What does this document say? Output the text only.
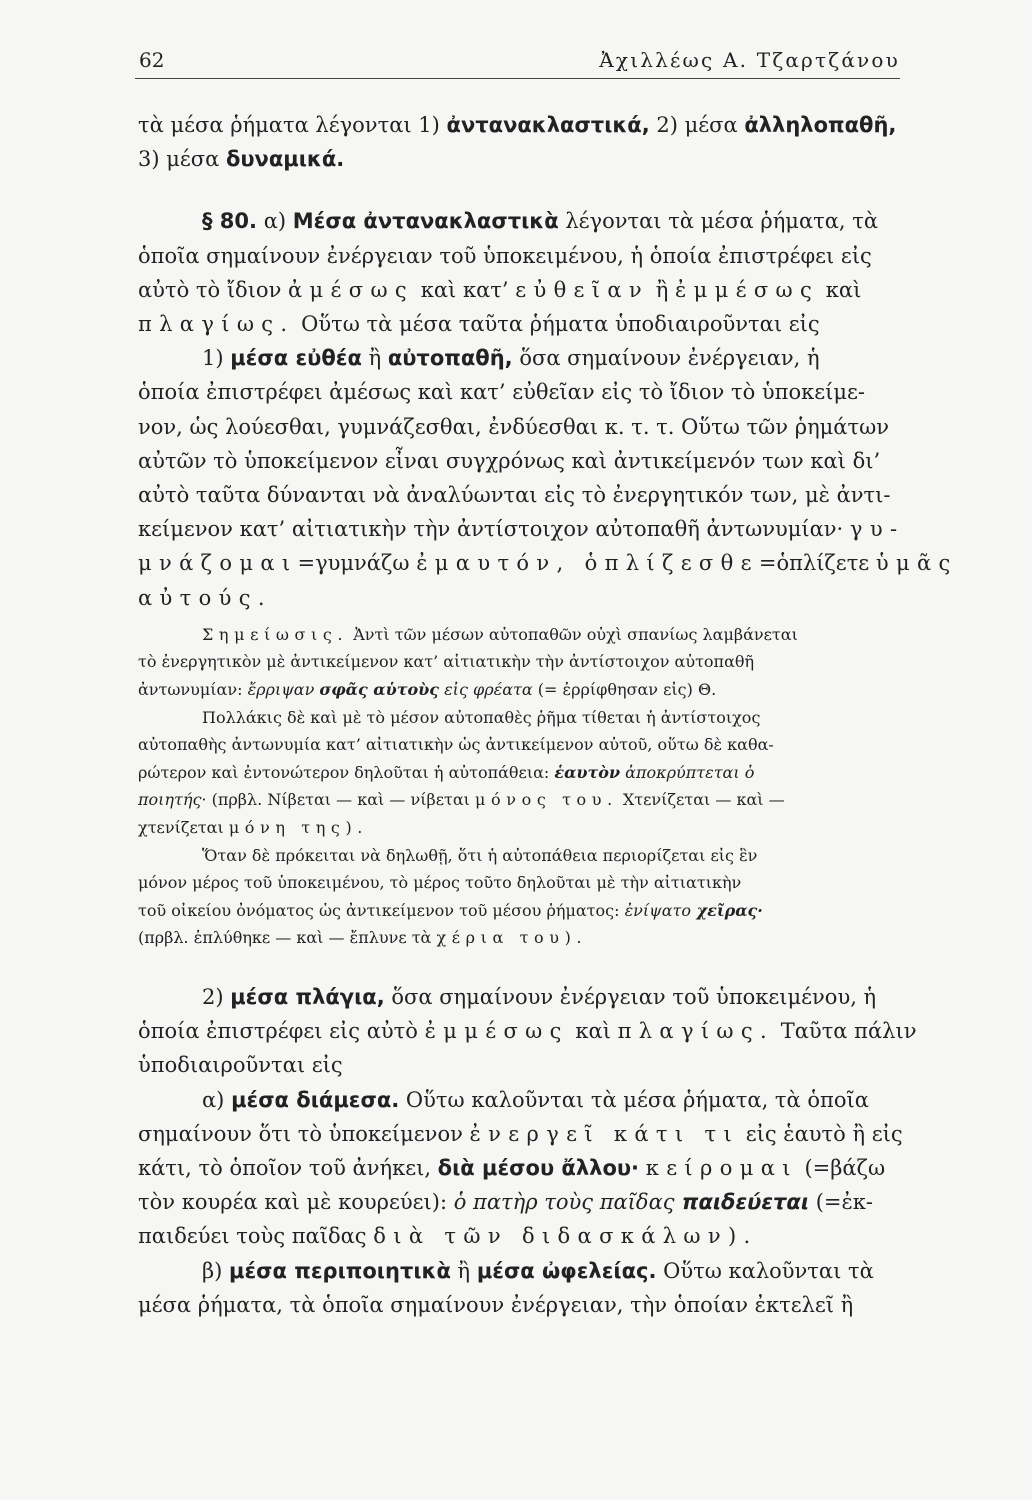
62	Ἀχιλλέως Α. Τζαρτζάνου

τὰ μέσα ῥήματα λέγονται 1) ἀντανακλαστικά, 2) μέσα ἀλληλοπαθῆ,

3) μέσα δυναμικά.

§ 80. α) Μέσα ἀντανακλαστικὰ λέγονται τὰ μέσα ῥήματα, τὰ

ὁποῖα σημαίνουν ἐνέργειαν τοῦ ὑποκειμένου, ἡ ὁποία ἐπιστρέφει εἰς

αὐτὸ τὸ ἴδιον ἀμέσως καὶ κατ’ εὐθεῖαν ἢ ἐμμέσως καὶ

πλαγίως. Οὕτω τὰ μέσα ταῦτα ῥήματα ὑποδιαιροῦνται εἰς

1) μέσα εὐθέα ἢ αὐτοπαθῆ, ὅσα σημαίνουν ἐνέργειαν, ἡ

ὁποία ἐπιστρέφει ἀμέσως καὶ κατ’ εὐθεῖαν εἰς τὸ ἴδιον τὸ ὑποκείμε-

νον, ὡς λούεσθαι, γυμνάζεσθαι, ἐνδύεσθαι κ. τ. τ. Οὕτω τῶν ῥημάτων

αὐτῶν τὸ ὑποκείμενον εἶναι συγχρόνως καὶ ἀντικείμενόν των καὶ δι’

αὐτὸ ταῦτα δύνανται νὰ ἀναλύωνται εἰς τὸ ἐνεργητικόν των, μὲ ἀντι-

κείμενον κατ’ αἰτιατικὴν τὴν ἀντίστοιχον αὐτοπαθῆ ἀντωνυμίαν· γυ-

μνάζομαι=γυμνάζω ἐμαυτόν, ὁπλίζεσθε=ὁπλίζετε ὑμᾶς

αὐτούς.

Σημείωσις. Ἀντὶ τῶν μέσων αὐτοπαθῶν οὐχὶ σπανίως λαμβάνεται

τὸ ἐνεργητικὸν μὲ ἀντικείμενον κατ’ αἰτιατικὴν τὴν ἀντίστοιχον αὐτοπαθῆ

ἀντωνυμίαν: ἔρριψαν σφᾶς αὑτοὺς εἰς φρέατα (= ἐρρίφθησαν εἰς) Θ.

Πολλάκις δὲ καὶ μὲ τὸ μέσον αὐτοπαθὲς ῥῆμα τίθεται ἡ ἀντίστοιχος

αὐτοπαθὴς ἀντωνυμία κατ’ αἰτιατικὴν ὡς ἀντικείμενον αὐτοῦ, οὕτω δὲ καθα-

ρώτερον καὶ ἐντονώτερον δηλοῦται ἡ αὐτοπάθεια: ἑαυτὸν ἀποκρύπτεται ὁ

ποιητής· (πρβλ. Νίβεται — καὶ — νίβεται μόνος του. Χτενίζεται — καὶ —

χτενίζεται μόνη της).

Ὅταν δὲ πρόκειται νὰ δηλωθῇ, ὅτι ἡ αὐτοπάθεια περιορίζεται εἰς ἓν

μόνον μέρος τοῦ ὑποκειμένου, τὸ μέρος τοῦτο δηλοῦται μὲ τὴν αἰτιατικὴν

τοῦ οἰκείου ὀνόματος ὡς ἀντικείμενον τοῦ μέσου ῥήματος: ἐνίψατο χεῖρας·

(πρβλ. ἐπλύθηκε — καὶ — ἔπλυνε τὰ χέρια του).

2) μέσα πλάγια, ὅσα σημαίνουν ἐνέργειαν τοῦ ὑποκειμένου, ἡ

ὁποία ἐπιστρέφει εἰς αὐτὸ ἐμμέσως καὶ πλαγίως. Ταῦτα πάλιν

ὑποδιαιροῦνται εἰς

α) μέσα διάμεσα. Οὕτω καλοῦνται τὰ μέσα ῥήματα, τὰ ὁποῖα

σημαίνουν ὅτι τὸ ὑποκείμενον ἐνεργεῖ κάτι τι εἰς ἑαυτὸ ἢ εἰς

κάτι, τὸ ὁποῖον τοῦ ἀνήκει, διὰ μέσου ἄλλου· κείρομαι (=βάζω

τὸν κουρέα καὶ μὲ κουρεύει): ὁ πατὴρ τοὺς παῖδας παιδεύεται (=ἐκ-

παιδεύει τοὺς παῖδας διὰ τῶν διδασκάλων).

β) μέσα περιποιητικὰ ἢ μέσα ὠφελείας. Οὕτω καλοῦνται τὰ

μέσα ῥήματα, τὰ ὁποῖα σημαίνουν ἐνέργειαν, τὴν ὁποίαν ἐκτελεῖ ἢ
